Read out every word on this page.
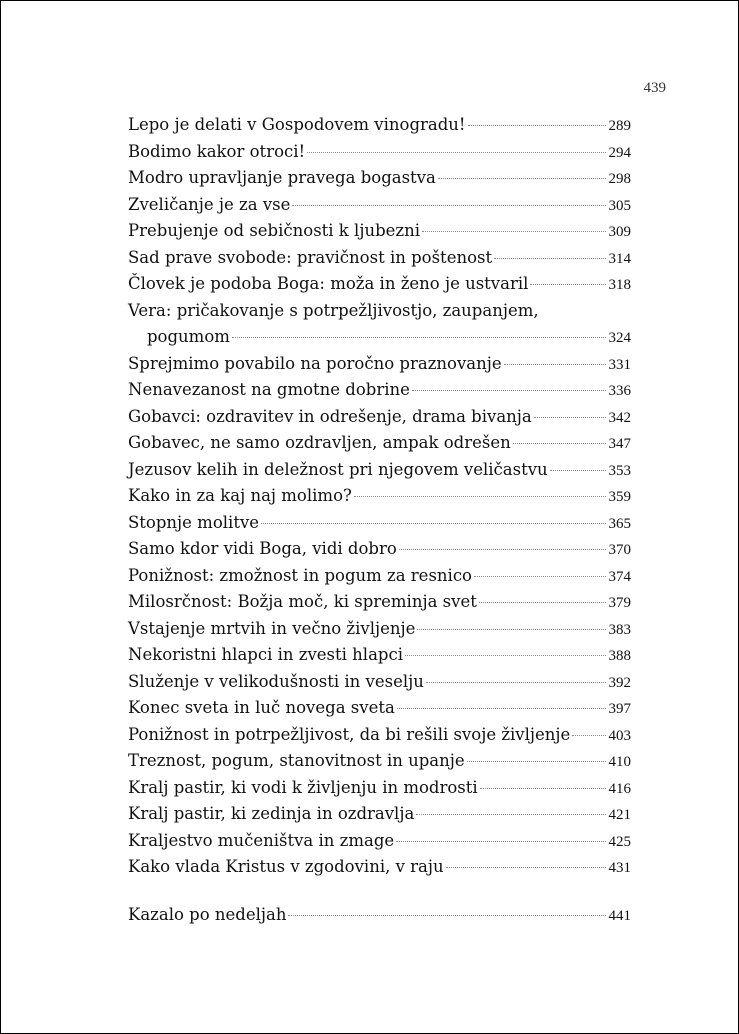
439
Lepo je delati v Gospodovem vinogradu!	289
Bodimo kakor otroci!	294
Modro upravljanje pravega bogastva	298
Zveličanje je za vse	305
Prebujenje od sebičnosti k ljubezni	309
Sad prave svobode: pravičnost in poštenost	314
Človek je podoba Boga: moža in ženo je ustvaril	318
Vera: pričakovanje s potrpežljivostjo, zaupanjem,
pogumom	324
Sprejmimo povabilo na poročno praznovanje	331
Nenavezanost na gmotne dobrine	336
Gobavci: ozdravitev in odrešenje, drama bivanja	342
Gobavec, ne samo ozdravljen, ampak odrešen	347
Jezusov kelih in deležnost pri njegovem veličastvu	353
Kako in za kaj naj molimo?	359
Stopnje molitve	365
Samo kdor vidi Boga, vidi dobro	370
Ponižnost: zmožnost in pogum za resnico	374
Milosrčnost: Božja moč, ki spreminja svet	379
Vstajenje mrtvih in večno življenje	383
Nekoristni hlapci in zvesti hlapci	388
Služenje v velikodušnosti in veselju	392
Konec sveta in luč novega sveta	397
Ponižnost in potrpežljivost, da bi rešili svoje življenje	403
Treznost, pogum, stanovitnost in upanje	410
Kralj pastir, ki vodi k življenju in modrosti	416
Kralj pastir, ki zedinja in ozdravlja	421
Kraljestvo mučeništva in zmage	425
Kako vlada Kristus v zgodovini, v raju	431
Kazalo po nedeljah	441
